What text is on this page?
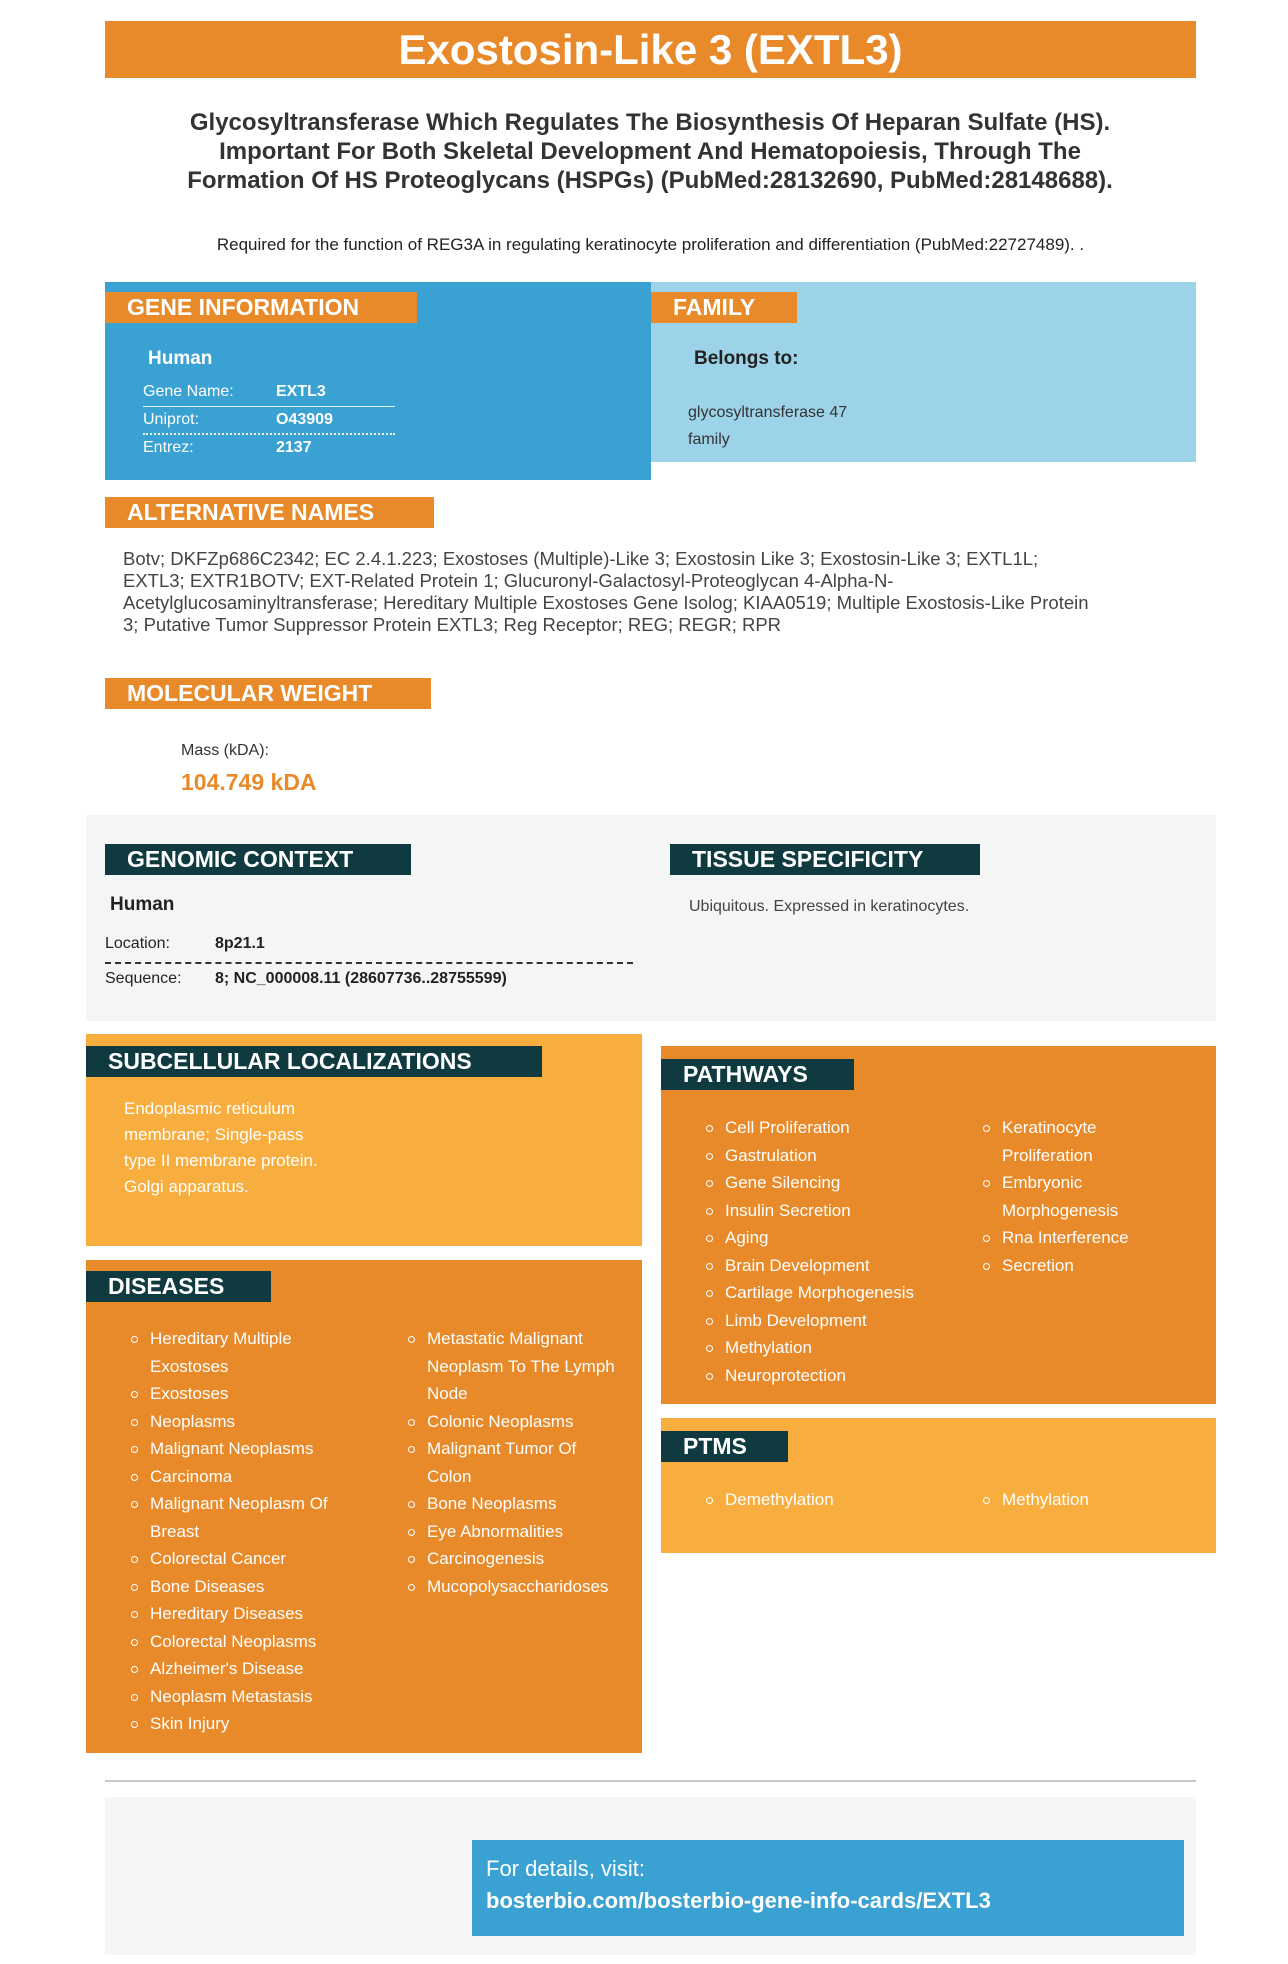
Exostosin-Like 3 (EXTL3)
Glycosyltransferase Which Regulates The Biosynthesis Of Heparan Sulfate (HS).
Important For Both Skeletal Development And Hematopoiesis, Through The
Formation Of HS Proteoglycans (HSPGs) (PubMed:28132690, PubMed:28148688).
Required for the function of REG3A in regulating keratinocyte proliferation and differentiation (PubMed:22727489). .
GENE INFORMATION
Human
Gene Name:	EXTL3
Uniprot:	O43909
Entrez:	2137
FAMILY
Belongs to:
glycosyltransferase 47
family
ALTERNATIVE NAMES
Botv; DKFZp686C2342; EC 2.4.1.223; Exostoses (Multiple)-Like 3; Exostosin Like 3; Exostosin-Like 3; EXTL1L;
EXTL3; EXTR1BOTV; EXT-Related Protein 1; Glucuronyl-Galactosyl-Proteoglycan 4-Alpha-N-
Acetylglucosaminyltransferase; Hereditary Multiple Exostoses Gene Isolog; KIAA0519; Multiple Exostosis-Like Protein
3; Putative Tumor Suppressor Protein EXTL3; Reg Receptor; REG; REGR; RPR
MOLECULAR WEIGHT
Mass (kDA):
104.749 kDA
GENOMIC CONTEXT
Human
Location:	8p21.1
Sequence: 8; NC_000008.11 (28607736..28755599)
TISSUE SPECIFICITY
Ubiquitous. Expressed in keratinocytes.
SUBCELLULAR LOCALIZATIONS
Endoplasmic reticulum
membrane; Single-pass
type II membrane protein.
Golgi apparatus.
DISEASES
Hereditary Multiple
Exostoses
Exostoses
Neoplasms
Malignant Neoplasms
Carcinoma
Malignant Neoplasm Of
Breast
Colorectal Cancer
Bone Diseases
Hereditary Diseases
Colorectal Neoplasms
Alzheimer's Disease
Neoplasm Metastasis
Skin Injury
Metastatic Malignant
Neoplasm To The Lymph
Node
Colonic Neoplasms
Malignant Tumor Of
Colon
Bone Neoplasms
Eye Abnormalities
Carcinogenesis
Mucopolysaccharidoses
PATHWAYS
Cell Proliferation
Gastrulation
Gene Silencing
Insulin Secretion
Aging
Brain Development
Cartilage Morphogenesis
Limb Development
Methylation
Neuroprotection
Keratinocyte
Proliferation
Embryonic
Morphogenesis
Rna Interference
Secretion
PTMS
Demethylation	Methylation
For details, visit:
bosterbio.com/bosterbio-gene-info-cards/EXTL3
